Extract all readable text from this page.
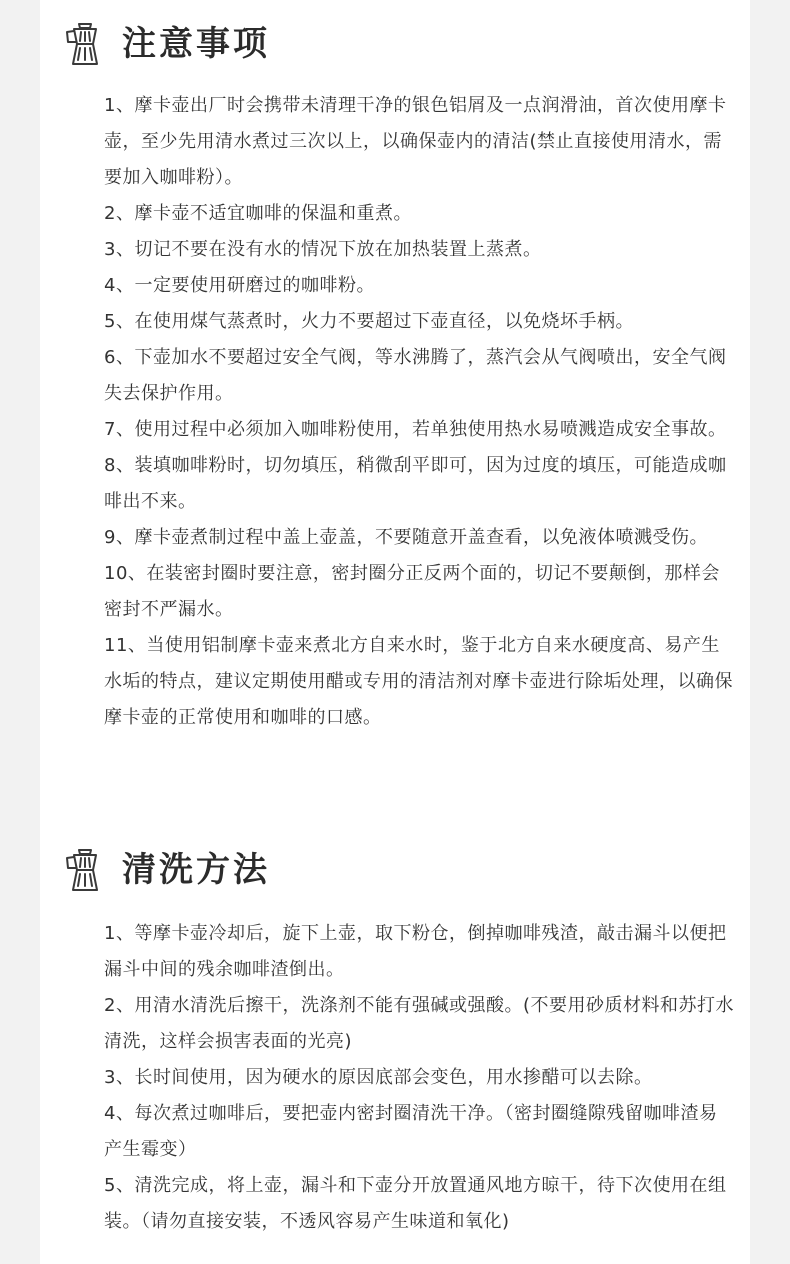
注意事项
1、摩卡壶出厂时会携带未清理干净的银色铝屑及一点润滑油，首次使用摩卡壶，至少先用清水煮过三次以上，以确保壶内的清洁(禁止直接使用清水，需要加入咖啡粉）。
2、摩卡壶不适宜咖啡的保温和重煮。
3、切记不要在没有水的情况下放在加热装置上蒸煮。
4、一定要使用研磨过的咖啡粉。
5、在使用煤气蒸煮时，火力不要超过下壶直径，以免烧坏手柄。
6、下壶加水不要超过安全气阀，等水沸腾了，蒸汽会从气阀喷出，安全气阀失去保护作用。
7、使用过程中必须加入咖啡粉使用，若单独使用热水易喷溅造成安全事故。
8、装填咖啡粉时，切勿填压，稍微刮平即可，因为过度的填压，可能造成咖啡出不来。
9、摩卡壶煮制过程中盖上壶盖，不要随意开盖查看，以免液体喷溅受伤。
10、在装密封圈时要注意，密封圈分正反两个面的，切记不要颠倒，那样会密封不严漏水。
11、当使用铝制摩卡壶来煮北方自来水时，鉴于北方自来水硬度高、易产生水垢的特点，建议定期使用醋或专用的清洁剂对摩卡壶进行除垢处理，以确保摩卡壶的正常使用和咖啡的口感。
清洗方法
1、等摩卡壶冷却后，旋下上壶，取下粉仓，倒掉咖啡残渣，敲击漏斗以便把漏斗中间的残余咖啡渣倒出。
2、用清水清洗后擦干，洗涤剂不能有强碱或强酸。(不要用砂质材料和苏打水清洗，这样会损害表面的光亮)
3、长时间使用，因为硬水的原因底部会变色，用水掺醋可以去除。
4、每次煮过咖啡后，要把壶内密封圈清洗干净。（密封圈缝隙残留咖啡渣易产生霉变）
5、清洗完成，将上壶，漏斗和下壶分开放置通风地方晾干，待下次使用在组装。（请勿直接安装，不透风容易产生味道和氧化)
